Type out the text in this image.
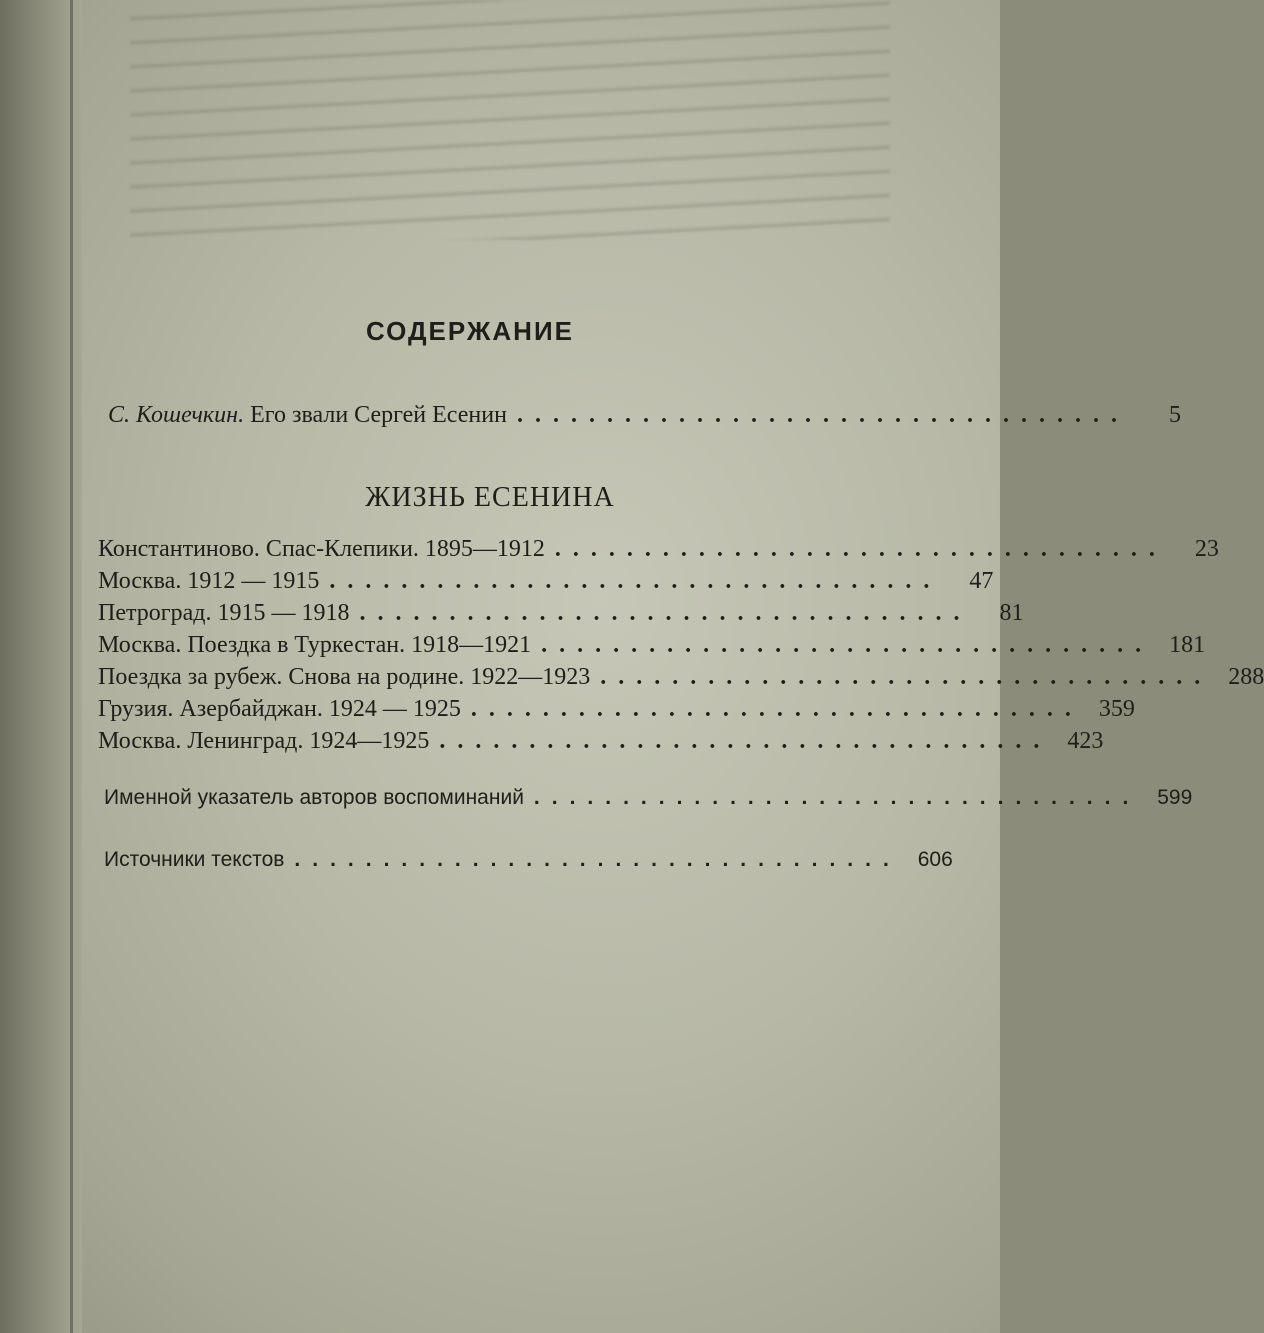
СОДЕРЖАНИЕ
С. Кошечкин. Его звали Сергей Есенин ..................................	5
ЖИЗНЬ ЕСЕНИНА
Константиново. Спас-Клепики. 1895—1912 ..................................	23
Москва. 1912 — 1915 ..................................	47
Петроград. 1915 — 1918 ..................................	81
Москва. Поездка в Туркестан. 1918—1921 .................................. 181
Поездка за рубеж. Снова на родине. 1922—1923 .................................. 288
Грузия. Азербайджан. 1924 — 1925 .................................. 359
Москва. Ленинград. 1924—1925 .................................. 423
Именной указатель авторов воспоминаний .................................. 599
Источники текстов .................................. 606
